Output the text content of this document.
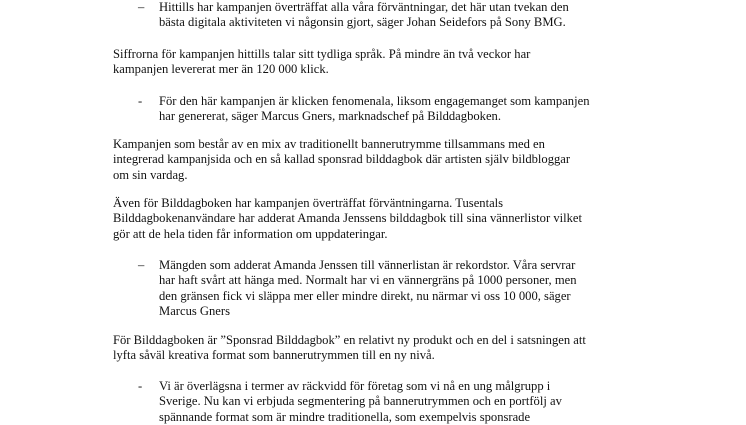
– Hittills har kampanjen överträffat alla våra förväntningar, det här utan tvekan den
bästa digitala aktiviteten vi någonsin gjort, säger Johan Seidefors på Sony BMG.
Siffrorna för kampanjen hittills talar sitt tydliga språk. På mindre än två veckor har
kampanjen levererat mer än 120 000 klick.
- För den här kampanjen är klicken fenomenala, liksom engagemanget som kampanjen
har genererat, säger Marcus Gners, marknadschef på Bilddagboken.
Kampanjen som består av en mix av traditionellt bannerutrymme tillsammans med en
integrerad kampanjsida och en så kallad sponsrad bilddagbok där artisten själv bildbloggar
om sin vardag.
Även för Bilddagboken har kampanjen överträffat förväntningarna. Tusentals
Bilddagbokenanvändare har adderat Amanda Jenssens bilddagbok till sina vännerlistor vilket
gör att de hela tiden får information om uppdateringar.
– Mängden som adderat Amanda Jenssen till vännerlistan är rekordstor. Våra servrar
har haft svårt att hänga med. Normalt har vi en vännergräns på 1000 personer, men
den gränsen fick vi släppa mer eller mindre direkt, nu närmar vi oss 10 000, säger
Marcus Gners
För Bilddagboken är ”Sponsrad Bilddagbok” en relativt ny produkt och en del i satsningen att
lyfta såväl kreativa format som bannerutrymmen till en ny nivå.
- Vi är överlägsna i termer av räckvidd för företag som vi nå en ung målgrupp i
Sverige. Nu kan vi erbjuda segmentering på bannerutrymmen och en portfölj av
spännande format som är mindre traditionella, som exempelvis sponsrade
